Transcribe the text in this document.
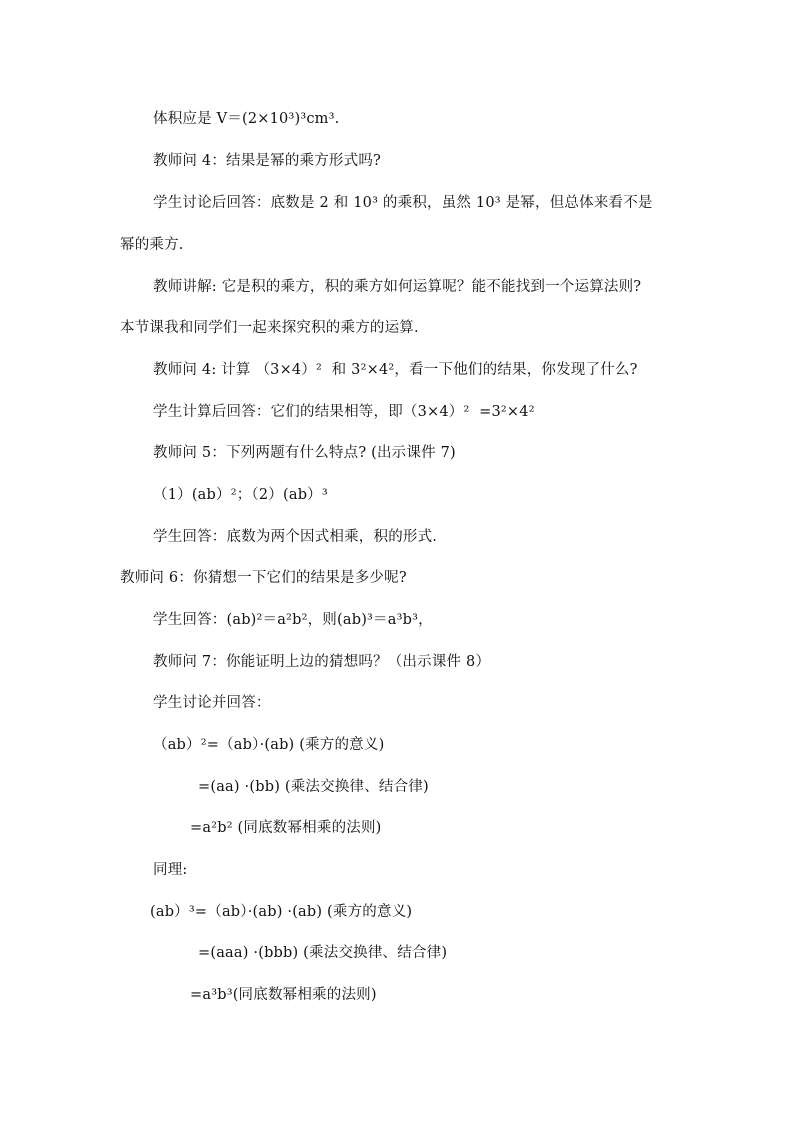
体积应是 V＝(2×10³)³cm³.
教师问 4：结果是幂的乘方形式吗?
学生讨论后回答：底数是 2 和 10³ 的乘积，虽然 10³ 是幂，但总体来看不是
幂的乘方.
教师讲解: 它是积的乘方，积的乘方如何运算呢？能不能找到一个运算法则?
本节课我和同学们一起来探究积的乘方的运算.
教师问 4: 计算 （3×4）²  和 3²×4²，看一下他们的结果，你发现了什么?
学生计算后回答：它们的结果相等，即（3×4）²  =3²×4²
教师问 5：下列两题有什么特点? (出示课件 7)
（1）(ab）²；（2）(ab）³
学生回答：底数为两个因式相乘，积的形式.
教师问 6：你猜想一下它们的结果是多少呢?
学生回答：(ab)²＝a²b²，则(ab)³＝a³b³，
教师问 7：你能证明上边的猜想吗？（出示课件 8）
学生讨论并回答：
（ab）²=（ab）·(ab) (乘方的意义)
=(aa) ·(bb) (乘法交换律、结合律)
=a²b² (同底数幂相乘的法则)
同理:
(ab）³=（ab）·(ab) ·(ab) (乘方的意义)
=(aaa) ·(bbb) (乘法交换律、结合律)
=a³b³(同底数幂相乘的法则)
